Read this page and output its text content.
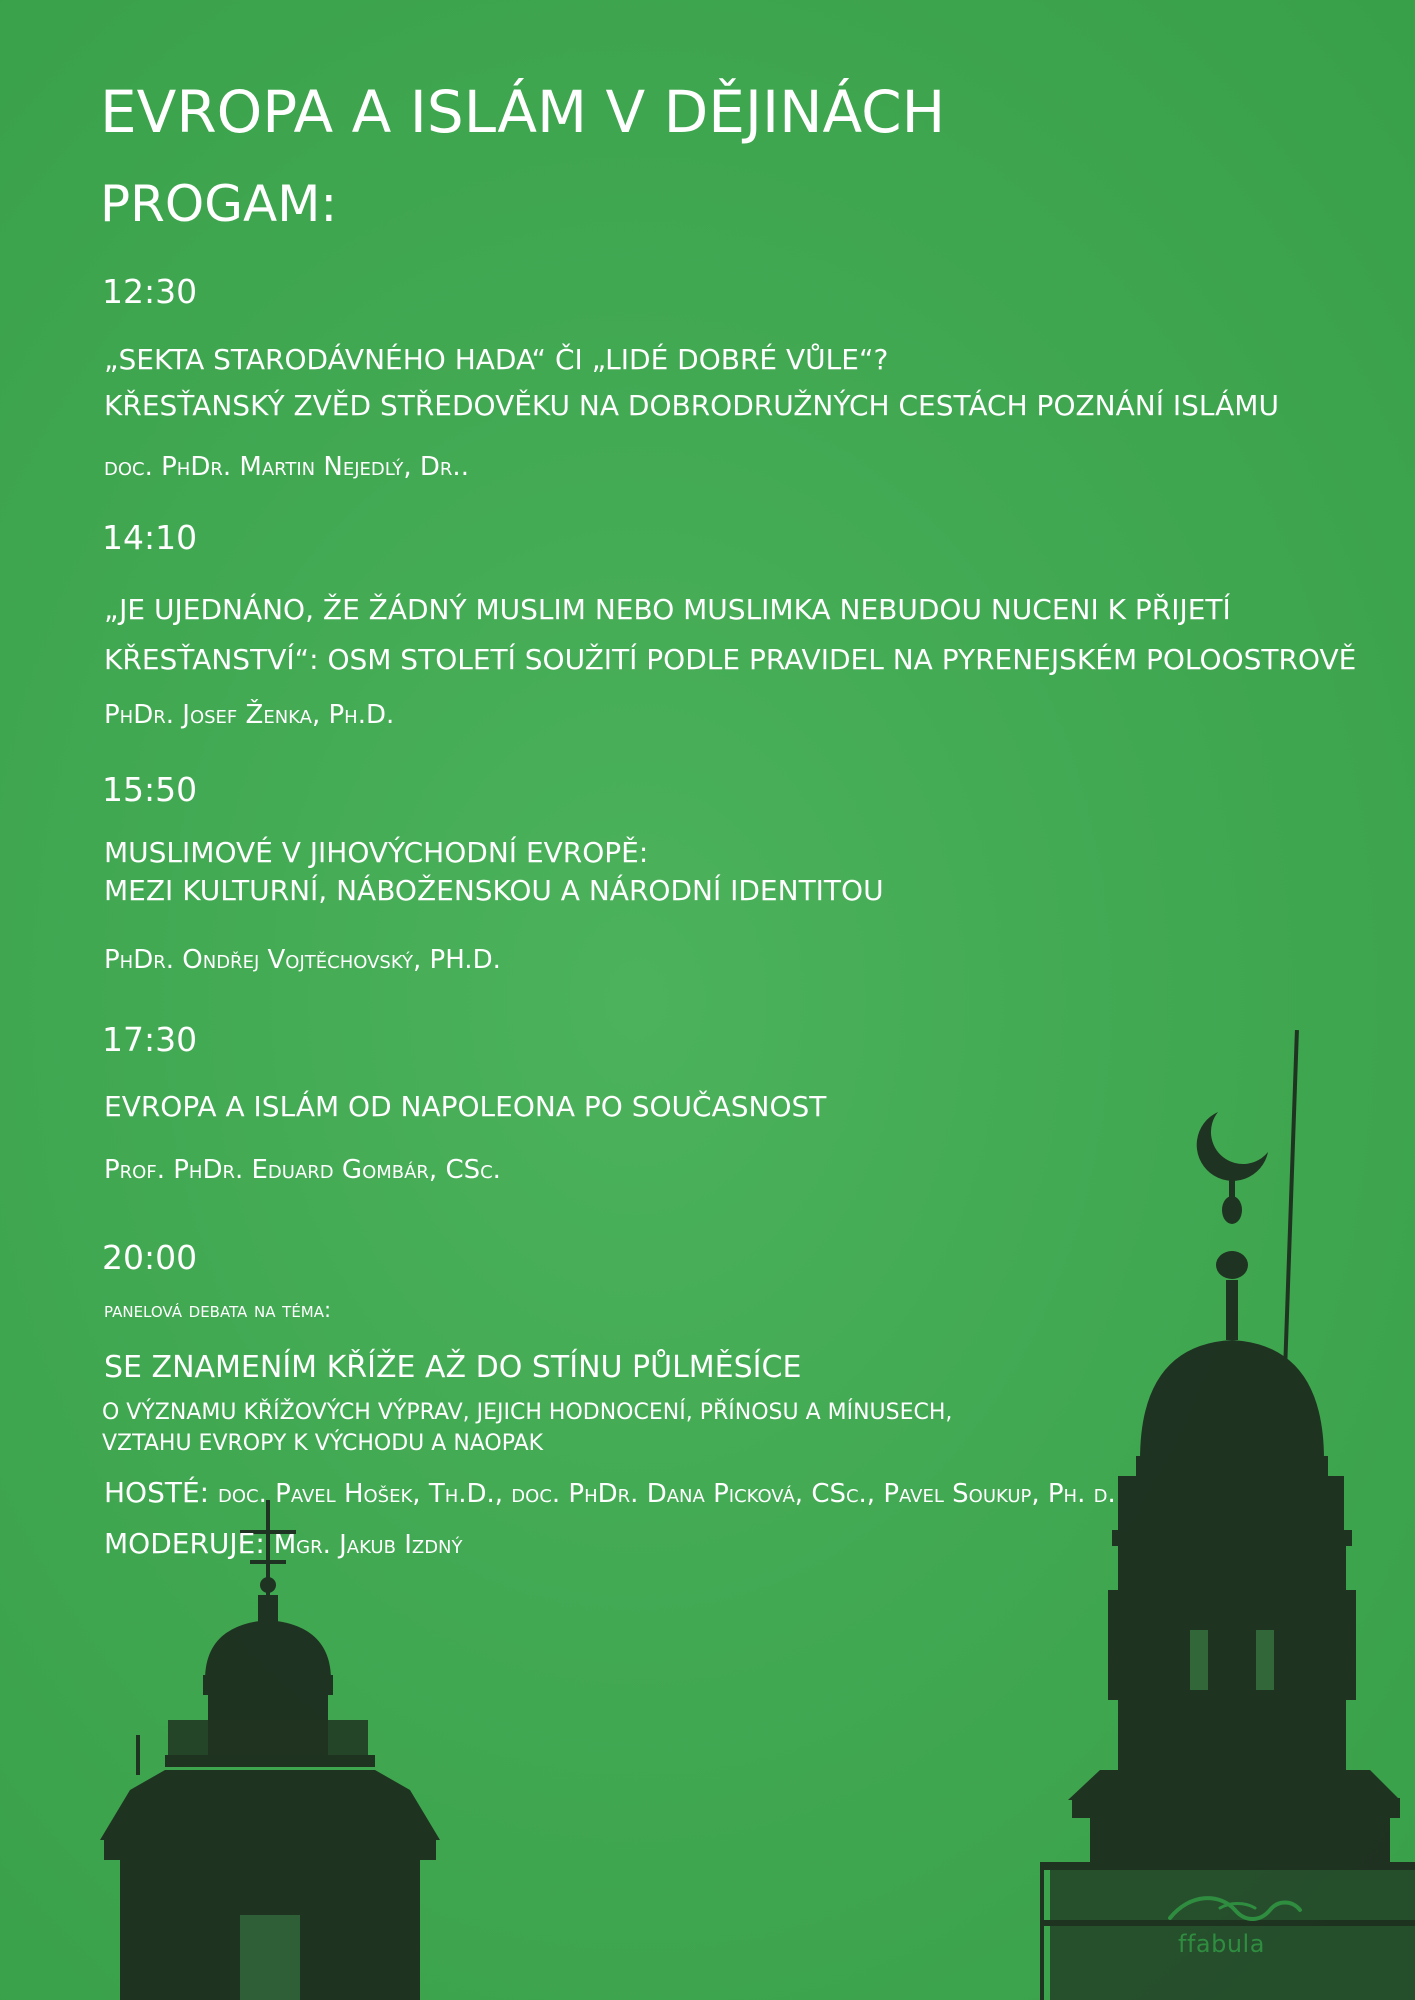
EVROPA A ISLÁM V DĚJINÁCH
PROGAM:
12:30
„SEKTA STARODÁVNÉHO HADA“ ČI „LIDÉ DOBRÉ VŮLE“?
KŘESŤANSKÝ ZVĚD STŘEDOVĚKU NA DOBRODRUŽNÝCH CESTÁCH POZNÁNÍ ISLÁMU
doc. PhDr. Martin Nejedlý, Dr..
14:10
„JE UJEDNÁNO, ŽE ŽÁDNÝ MUSLIM NEBO MUSLIMKA NEBUDOU NUCENI K PŘIJETÍ
KŘESŤANSTVÍ“: OSM STOLETÍ SOUŽITÍ PODLE PRAVIDEL NA PYRENEJSKÉM POLOOSTROVĚ
PhDr. Josef Ženka, Ph.D.
15:50
MUSLIMOVÉ V JIHOVÝCHODNÍ EVROPĚ:
MEZI KULTURNÍ, NÁBOŽENSKOU A NÁRODNÍ IDENTITOU
PhDr. Ondřej Vojtěchovský, PH.D.
17:30
EVROPA A ISLÁM OD NAPOLEONA PO SOUČASNOST
Prof. PhDr. Eduard Gombár, CSc.
20:00
panelová debata na téma:
SE ZNAMENÍM KŘÍŽE AŽ DO STÍNU PŮLMĚSÍCE
O VÝZNAMU KŘÍŽOVÝCH VÝPRAV, JEJICH HODNOCENÍ, PŘÍNOSU A MÍNUSECH,
VZTAHU EVROPY K VÝCHODU A NAOPAK
HOSTÉ: doc. Pavel Hošek, Th.D., doc. PhDr. Dana Picková, CSc., Pavel Soukup, Ph. d.
MODERUJE: Mgr. Jakub Izdný
ffabula
